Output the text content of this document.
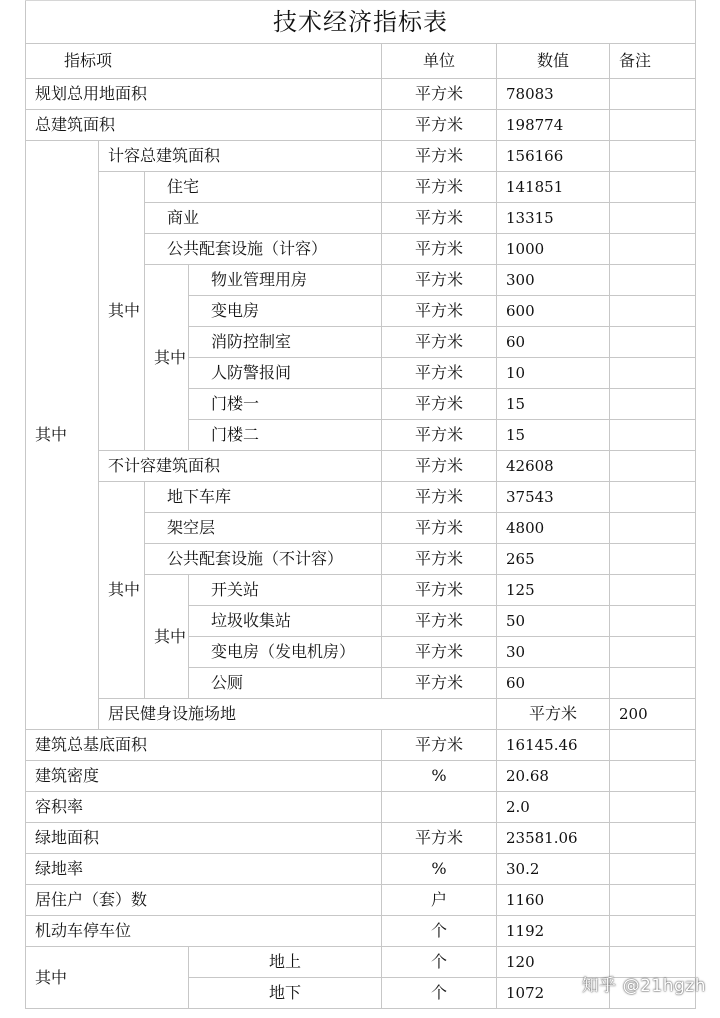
技术经济指标表							
指标项				单位	数值	备注	
规划总用地面积				平方米	78083		
总建筑面积				平方米	198774		
其中	计容总建筑面积			平方米	156166		
	其中	住宅		平方米	141851		
		商业		平方米	13315		
		公共配套设施（计容）		平方米	1000		
		其中	物业管理用房	平方米	300		
			变电房	平方米	600		
			消防控制室	平方米	60		
			人防警报间	平方米	10		
			门楼一	平方米	15		
			门楼二	平方米	15		
	不计容建筑面积			平方米	42608		
	其中	地下车库		平方米	37543		
		架空层		平方米	4800		
		公共配套设施（不计容）		平方米	265		
		其中	开关站	平方米	125		
			垃圾收集站	平方米	50		
			变电房（发电机房）	平方米	30		
			公厕	平方米	60		
	居民健身设施场地				平方米	200	
建筑总基底面积				平方米	16145.46		
建筑密度				%	20.68		
容积率					2.0		
绿地面积				平方米	23581.06		
绿地率				%	30.2		
居住户（套）数				户	1160		
机动车停车位				个	1192		
其中			地上	个	120		
			地下	个	1072		知乎 @21hgzh
